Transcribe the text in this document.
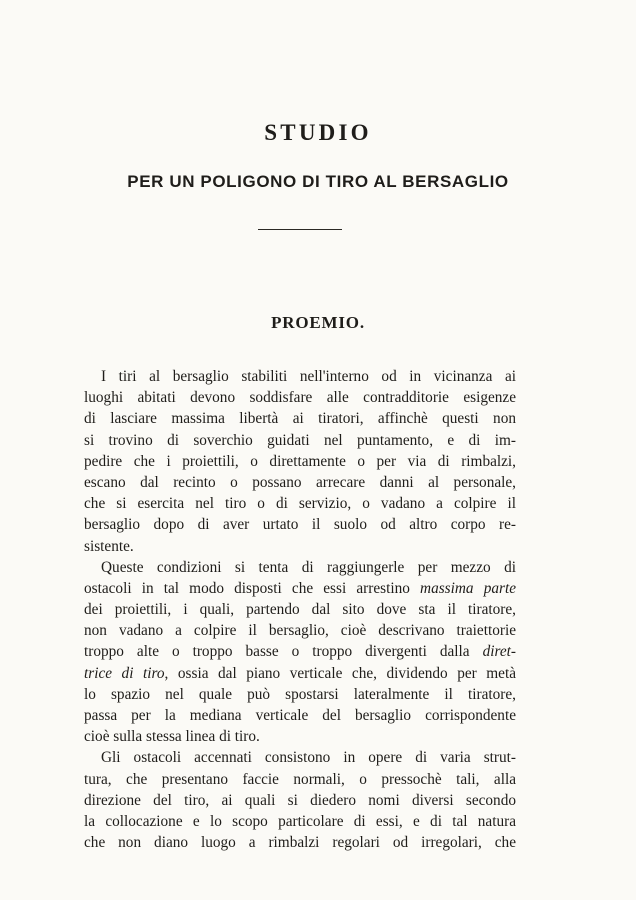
STUDIO
PER UN POLIGONO DI TIRO AL BERSAGLIO
PROEMIO.

I tiri al bersaglio stabiliti nell'interno od in vicinanza ai
luoghi abitati devono soddisfare alle contradditorie esigenze
di lasciare massima libertà ai tiratori, affinchè questi non
si trovino di soverchio guidati nel puntamento, e di im-
pedire che i proiettili, o direttamente o per via di rimbalzi,
escano dal recinto o possano arrecare danni al personale,
che si esercita nel tiro o di servizio, o vadano a colpire il
bersaglio dopo di aver urtato il suolo od altro corpo re-
sistente.

Queste condizioni si tenta di raggiungerle per mezzo di
ostacoli in tal modo disposti che essi arrestino massima parte
dei proiettili, i quali, partendo dal sito dove sta il tiratore,
non vadano a colpire il bersaglio, cioè descrivano traiettorie
troppo alte o troppo basse o troppo divergenti dalla diret-
trice di tiro, ossia dal piano verticale che, dividendo per metà
lo spazio nel quale può spostarsi lateralmente il tiratore,
passa per la mediana verticale del bersaglio corrispondente
cioè sulla stessa linea di tiro.

Gli ostacoli accennati consistono in opere di varia strut-
tura, che presentano faccie normali, o pressochè tali, alla
direzione del tiro, ai quali si diedero nomi diversi secondo
la collocazione e lo scopo particolare di essi, e di tal natura
che non diano luogo a rimbalzi regolari od irregolari, che
